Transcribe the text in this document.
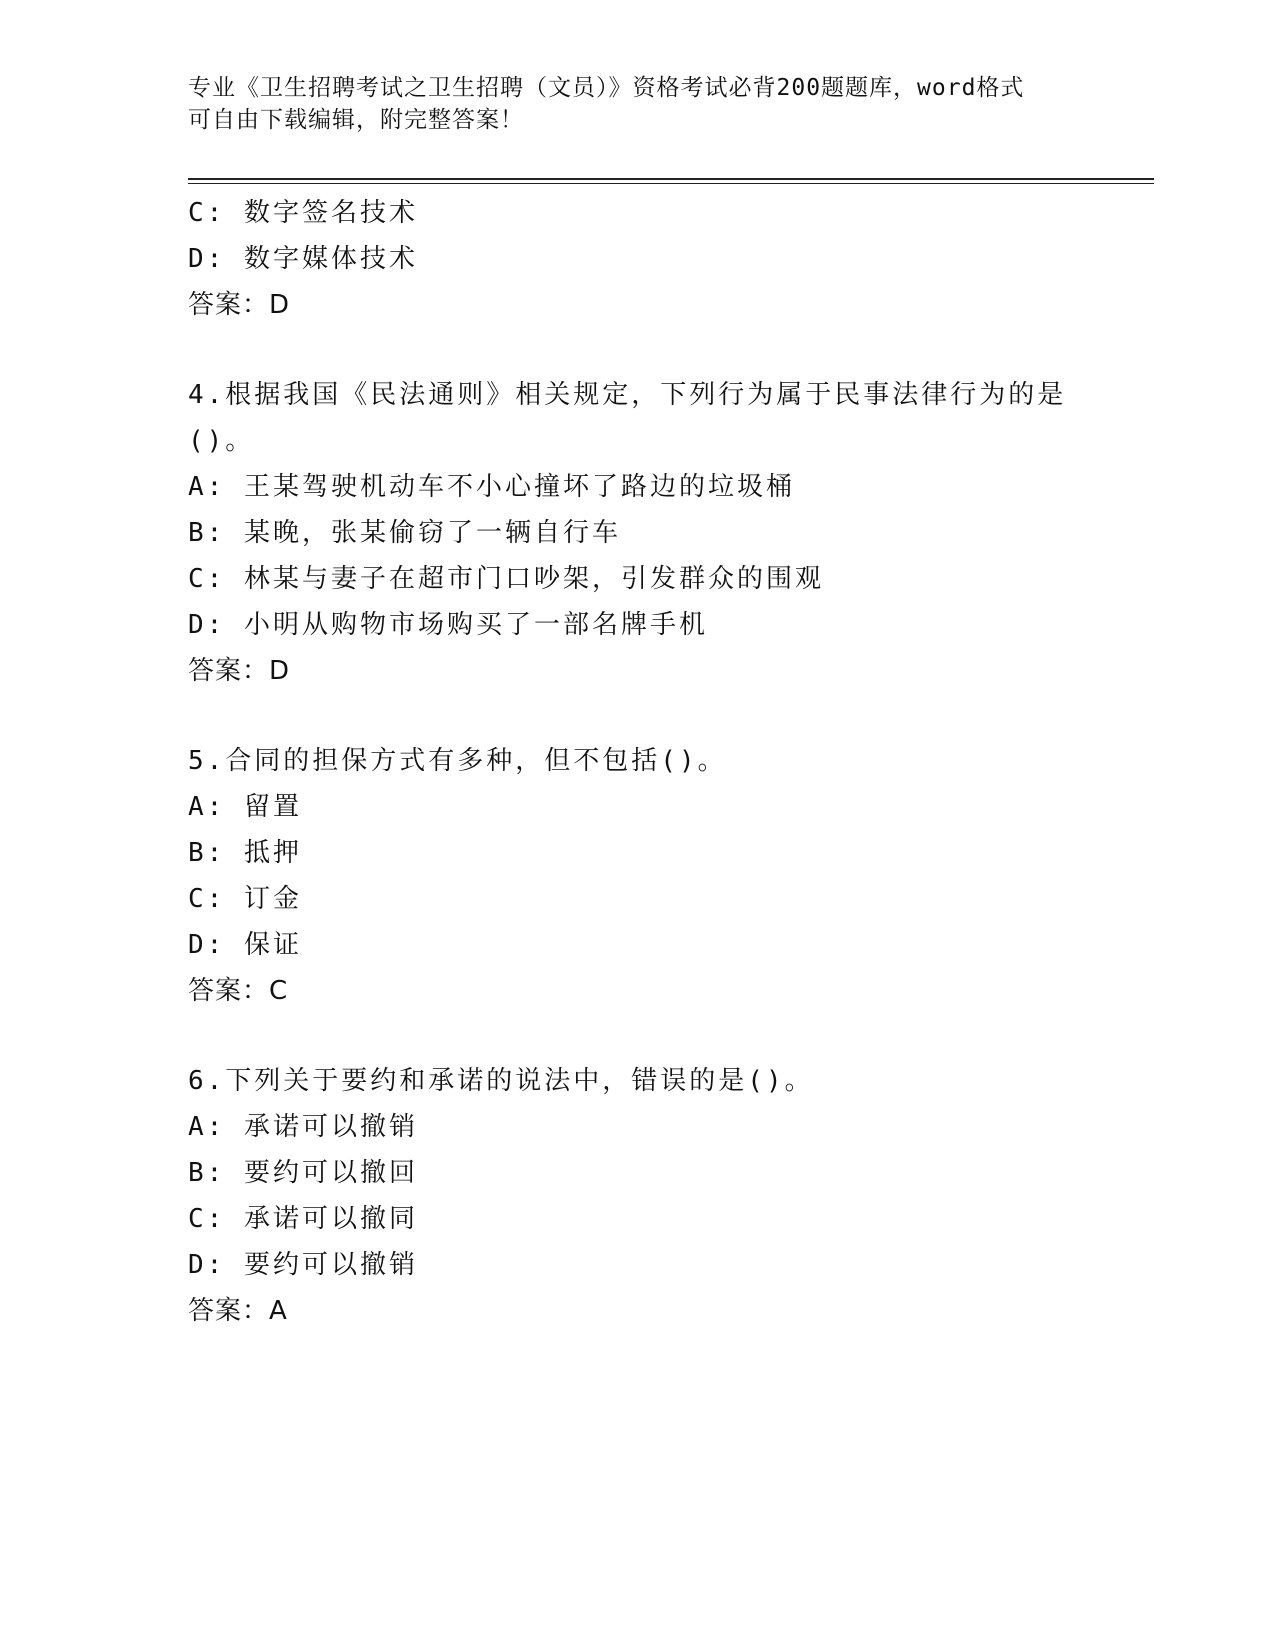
专业《卫生招聘考试之卫生招聘（文员）》资格考试必背200题题库，word格式
可自由下载编辑，附完整答案！
C: 数字签名技术
D: 数字媒体技术
答案：D
4.根据我国《民法通则》相关规定，下列行为属于民事法律行为的是
()。
A: 王某驾驶机动车不小心撞坏了路边的垃圾桶
B: 某晚，张某偷窃了一辆自行车
C: 林某与妻子在超市门口吵架，引发群众的围观
D: 小明从购物市场购买了一部名牌手机
答案：D
5.合同的担保方式有多种，但不包括()。
A: 留置
B: 抵押
C: 订金
D: 保证
答案：C
6.下列关于要约和承诺的说法中，错误的是()。
A: 承诺可以撤销
B: 要约可以撤回
C: 承诺可以撤同
D: 要约可以撤销
答案：A
